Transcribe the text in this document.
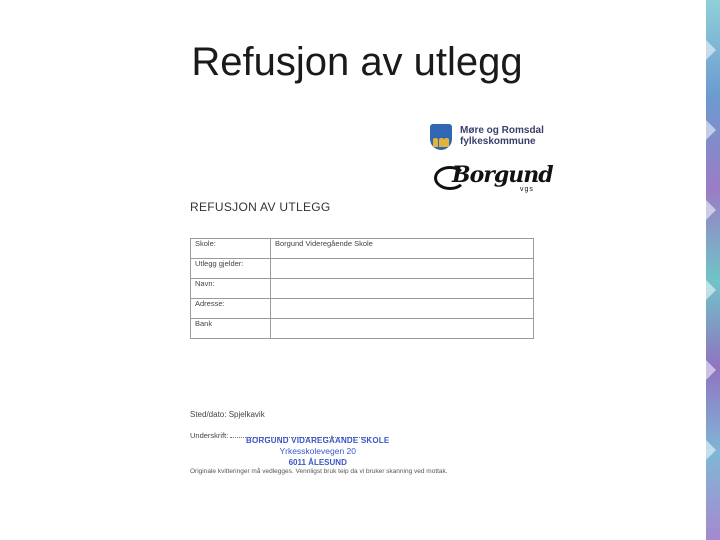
Refusjon av utlegg
Møre og Romsdal
fylkeskommune
Borgund
vgs
REFUSJON AV UTLEGG
Skole:	Borgund Videregående Skole
Utlegg gjelder:	
Navn:	
Adresse:	
Bank	
Sted/dato: Spjelkavik
Underskrift:
BORGUND VIDAREGÅANDE SKOLE
Yrkesskolevegen 20
6011 ÅLESUND
Originale kvitteringer må vedlegges. Vennligst bruk teip da vi bruker skanning ved mottak.
